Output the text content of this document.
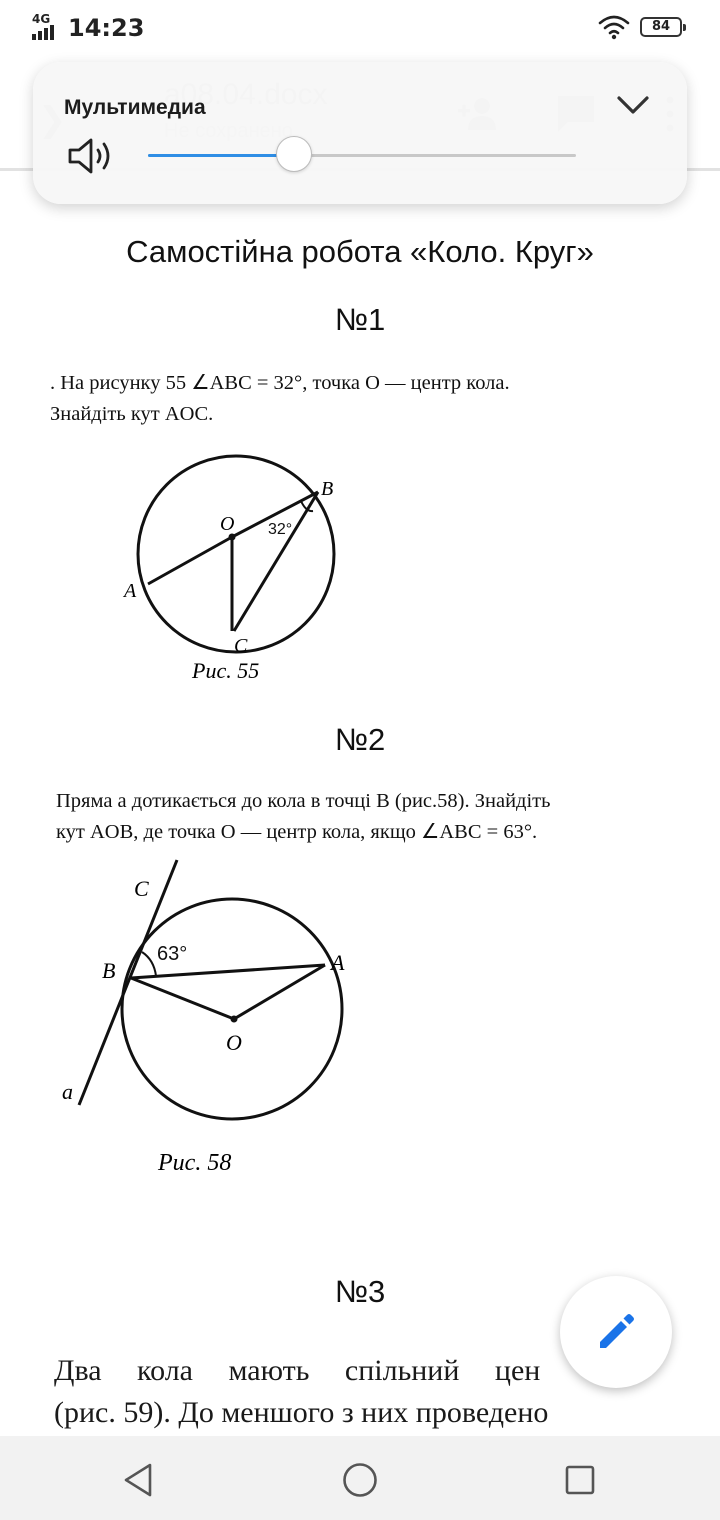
4G 14:23	84
Мультимедиа
Самостійна робота «Коло. Круг»
№1
. На рисунку 55 ∠ABC = 32°, точка O — центр кола.
Знайдіть кут AOC.
O
B
A
C
32°
Рис. 55
№2
Пряма a дотикається до кола в точці B (рис.58). Знайдіть
кут AOB, де точка O — центр кола, якщо ∠ABC = 63°.
C
B	A
O
a
63°
Рис. 58
№3
Два кола мають спільний цен
(рис. 59). До меншого з них проведено
